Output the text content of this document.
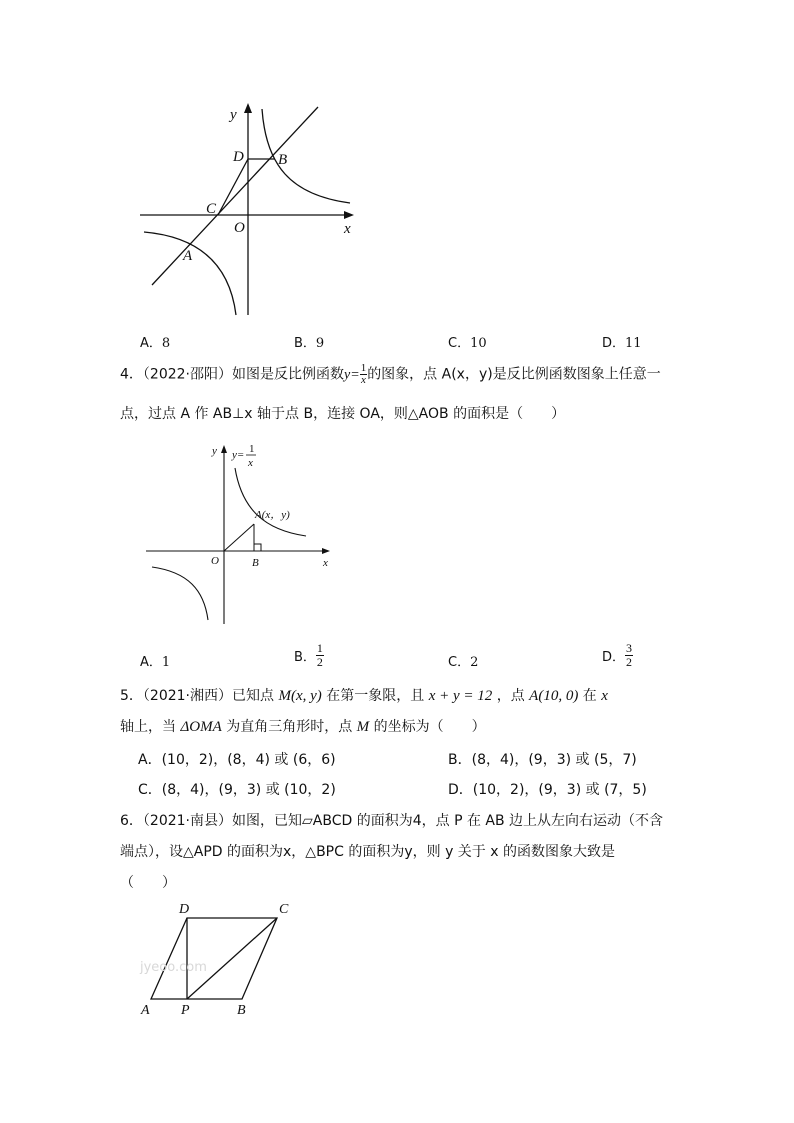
y
x
D B
C
O
A
A．8	B．9	C．10	D．11
4．（2022·邵阳）如图是反比例函数$y= \frac{1}{x}$ 的图象，点 A(x，y)是反比例函数图象上任意一
点，过点 A 作 AB⊥x 轴于点 B，连接 OA，则△AOB 的面积是（　　）
y y= 1
x
A(x，y)
O	B	x
A．1	B． $\frac{1}{2}$	C．2	D． $\frac{3}{2}$
5．（2021·湘西）已知点 M(x, y) 在第一象限，且 x + y = 12 ，点 A(10, 0) 在 x
轴上，当 ΔOMA 为直角三角形时，点 M 的坐标为（　　）
A．(10，2)，(8，4) 或 (6，6)	B．(8，4)，(9，3) 或 (5，7)
C．(8，4)，(9，3) 或 (10，2)	D．(10，2)，(9，3) 或 (7，5)
6．（2021·南县）如图，已知▱ABCD 的面积为4，点 P 在 AB 边上从左向右运动（不含
端点），设△APD 的面积为x，△BPC 的面积为y，则 y 关于 x 的函数图象大致是
（　　）
D	C
A P	B
jyeoo.com
